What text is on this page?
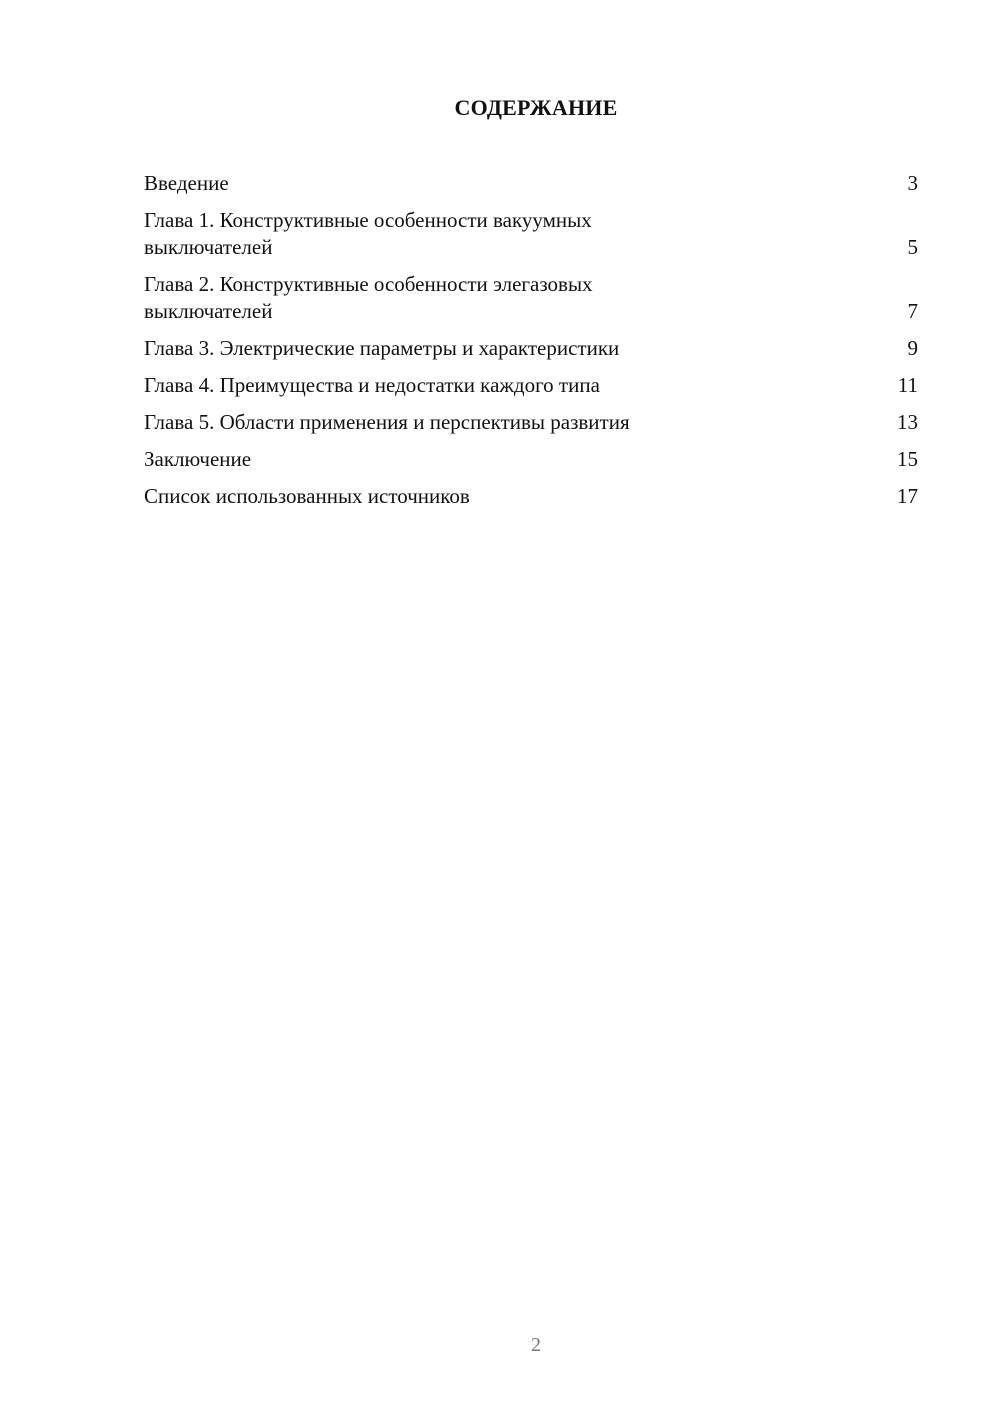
СОДЕРЖАНИЕ
Введение	3
Глава 1. Конструктивные особенности вакуумных
выключателей	5
Глава 2. Конструктивные особенности элегазовых
выключателей	7
Глава 3. Электрические параметры и характеристики	9
Глава 4. Преимущества и недостатки каждого типа	11
Глава 5. Области применения и перспективы развития	13
Заключение	15
Список использованных источников	17
2
